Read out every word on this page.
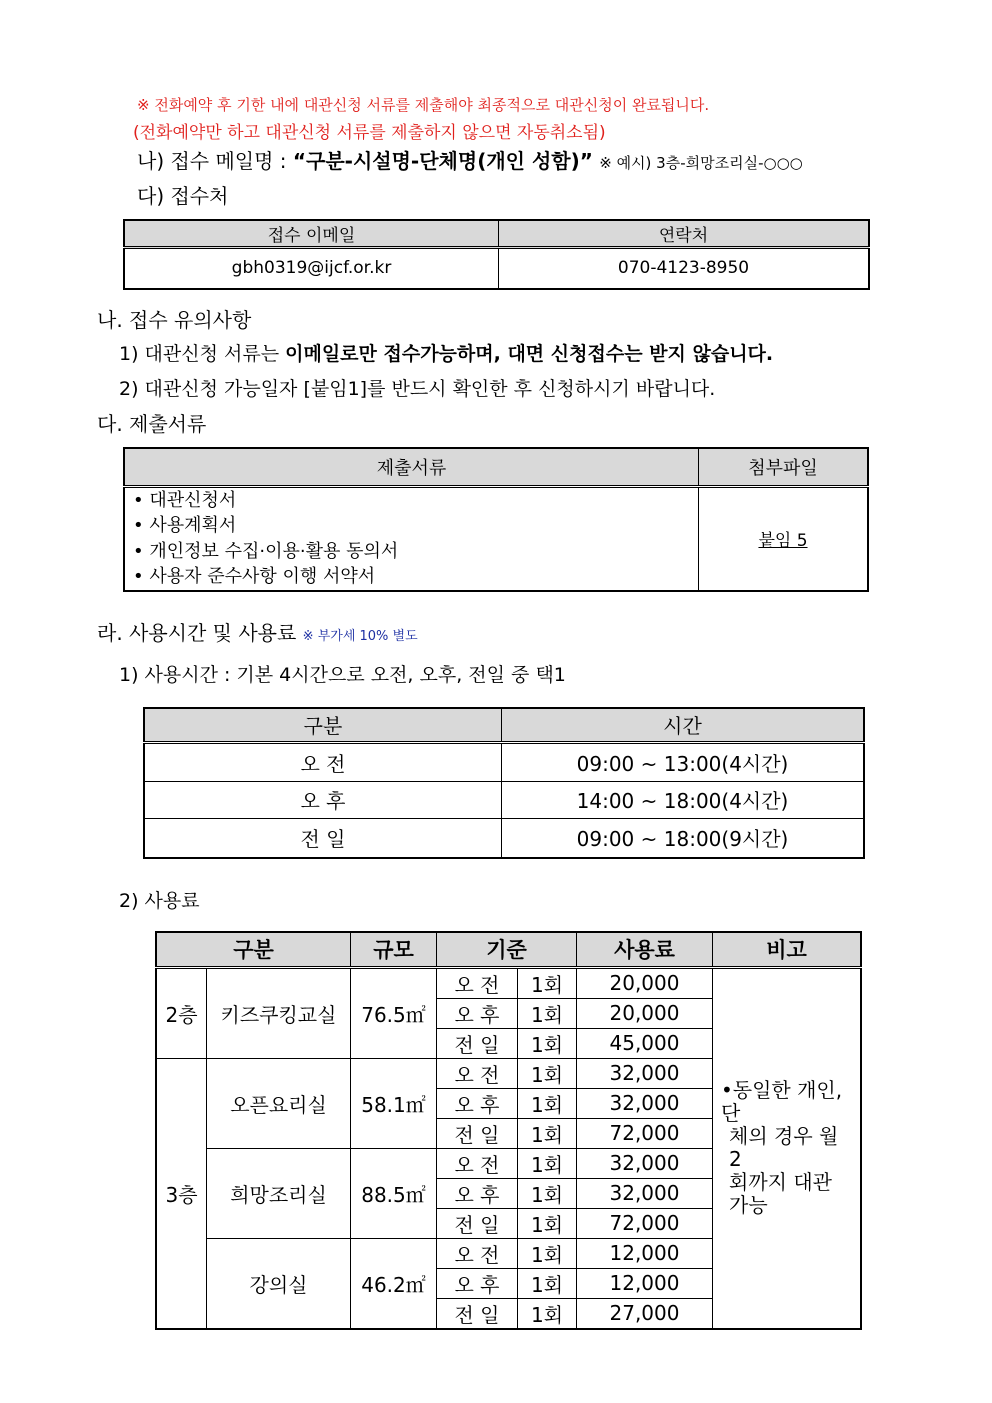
※ 전화예약 후 기한 내에 대관신청 서류를 제출해야 최종적으로 대관신청이 완료됩니다.
(전화예약만 하고 대관신청 서류를 제출하지 않으면 자동취소됨)
나) 접수 메일명 : “구분-시설명-단체명(개인 성함)” ※ 예시) 3층-희망조리실-○○○
다) 접수처
접수 이메일	연락처
gbh0319@ijcf.or.kr	070-4123-8950
나. 접수 유의사항
1) 대관신청 서류는 이메일로만 접수가능하며, 대면 신청접수는 받지 않습니다.
2) 대관신청 가능일자 [붙임1]를 반드시 확인한 후 신청하시기 바랍니다.
다. 제출서류
제출서류	첨부파일

• 대관신청서
• 사용계획서
• 개인정보 수집·이용·활용 동의서
• 사용자 준수사항 이행 서약서	붙임 5
라. 사용시간 및 사용료 ※ 부가세 10% 별도
1) 사용시간 : 기본 4시간으로 오전, 오후, 전일 중 택1
구분	시간
오 전	09:00 ~ 13:00(4시간)
오 후	14:00 ~ 18:00(4시간)
전 일	09:00 ~ 18:00(9시간)
2) 사용료
구분		규모	기준		사용료	비고
2층	키즈쿠킹교실	76.5㎡	오 전	1회	20,000	•동일한 개인, 단
체의 경우 월 2
회까지 대관 가능

			오 후	1회	20,000	
			전 일	1회	45,000	
3층	오픈요리실	58.1㎡	오 전	1회	32,000	
			오 후	1회	32,000	
			전 일	1회	72,000	
	희망조리실	88.5㎡	오 전	1회	32,000	
			오 후	1회	32,000	
			전 일	1회	72,000	
	강의실	46.2㎡	오 전	1회	12,000	
			오 후	1회	12,000	
			전 일	1회	27,000	
